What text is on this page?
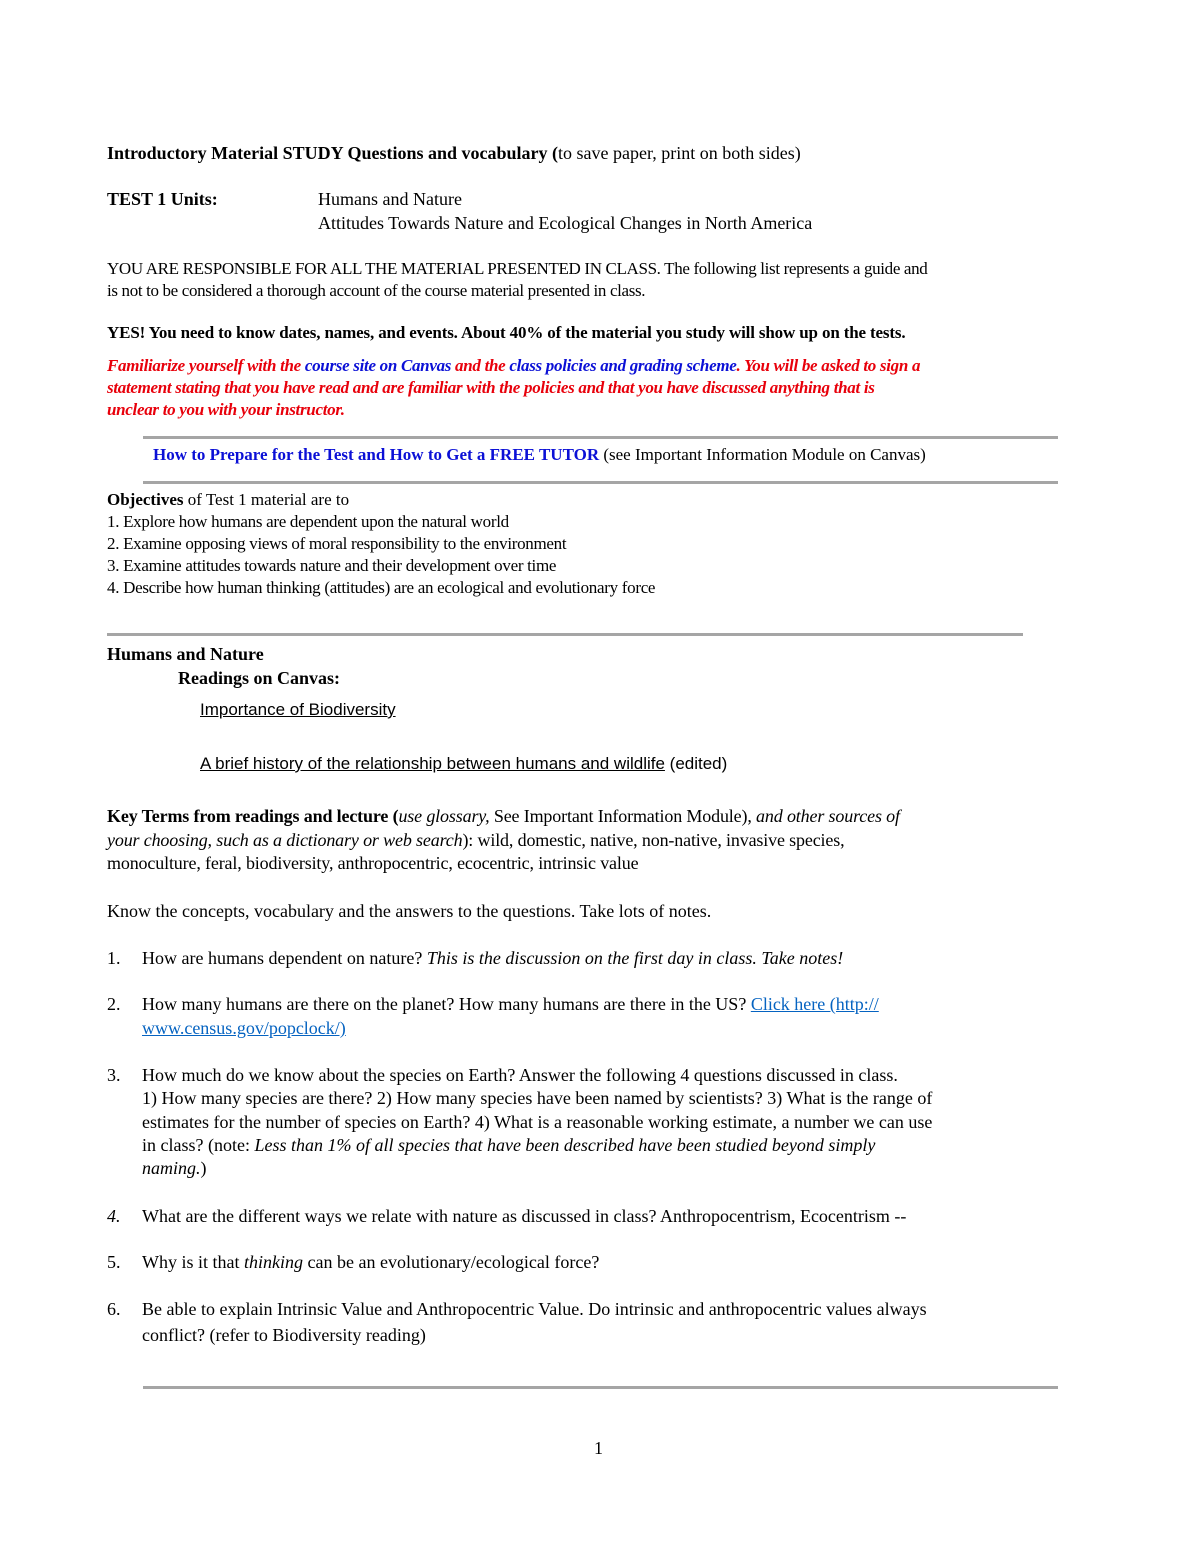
Introductory Material STUDY Questions and vocabulary (to save paper, print on both sides)
TEST 1 Units:	Humans and Nature
Attitudes Towards Nature and Ecological Changes in North America
YOU ARE RESPONSIBLE FOR ALL THE MATERIAL PRESENTED IN CLASS. The following list represents a guide and
is not to be considered a thorough account of the course material presented in class.
YES! You need to know dates, names, and events. About 40% of the material you study will show up on the tests.
Familiarize yourself with the course site on Canvas and the class policies and grading scheme. You will be asked to sign a
statement stating that you have read and are familiar with the policies and that you have discussed anything that is
unclear to you with your instructor.
How to Prepare for the Test and How to Get a FREE TUTOR (see Important Information Module on Canvas)
Objectives of Test 1 material are to
1. Explore how humans are dependent upon the natural world
2. Examine opposing views of moral responsibility to the environment
3. Examine attitudes towards nature and their development over time
4. Describe how human thinking (attitudes) are an ecological and evolutionary force
Humans and Nature
Readings on Canvas:
Importance of Biodiversity
A brief history of the relationship between humans and wildlife (edited)
Key Terms from readings and lecture (use glossary, See Important Information Module), and other sources of
your choosing, such as a dictionary or web search): wild, domestic, native, non-native, invasive species,
monoculture, feral, biodiversity, anthropocentric, ecocentric, intrinsic value
Know the concepts, vocabulary and the answers to the questions. Take lots of notes.
1.	How are humans dependent on nature? This is the discussion on the first day in class. Take notes!
2.	How many humans are there on the planet? How many humans are there in the US? Click here (http://
www.census.gov/popclock/)
3.	How much do we know about the species on Earth? Answer the following 4 questions discussed in class.
1) How many species are there? 2) How many species have been named by scientists? 3) What is the range of
estimates for the number of species on Earth? 4) What is a reasonable working estimate, a number we can use
in class? (note: Less than 1% of all species that have been described have been studied beyond simply
naming.)
4.	What are the different ways we relate with nature as discussed in class? Anthropocentrism, Ecocentrism --
5.	Why is it that thinking can be an evolutionary/ecological force?
6.	Be able to explain Intrinsic Value and Anthropocentric Value. Do intrinsic and anthropocentric values always
conflict? (refer to Biodiversity reading)
1
